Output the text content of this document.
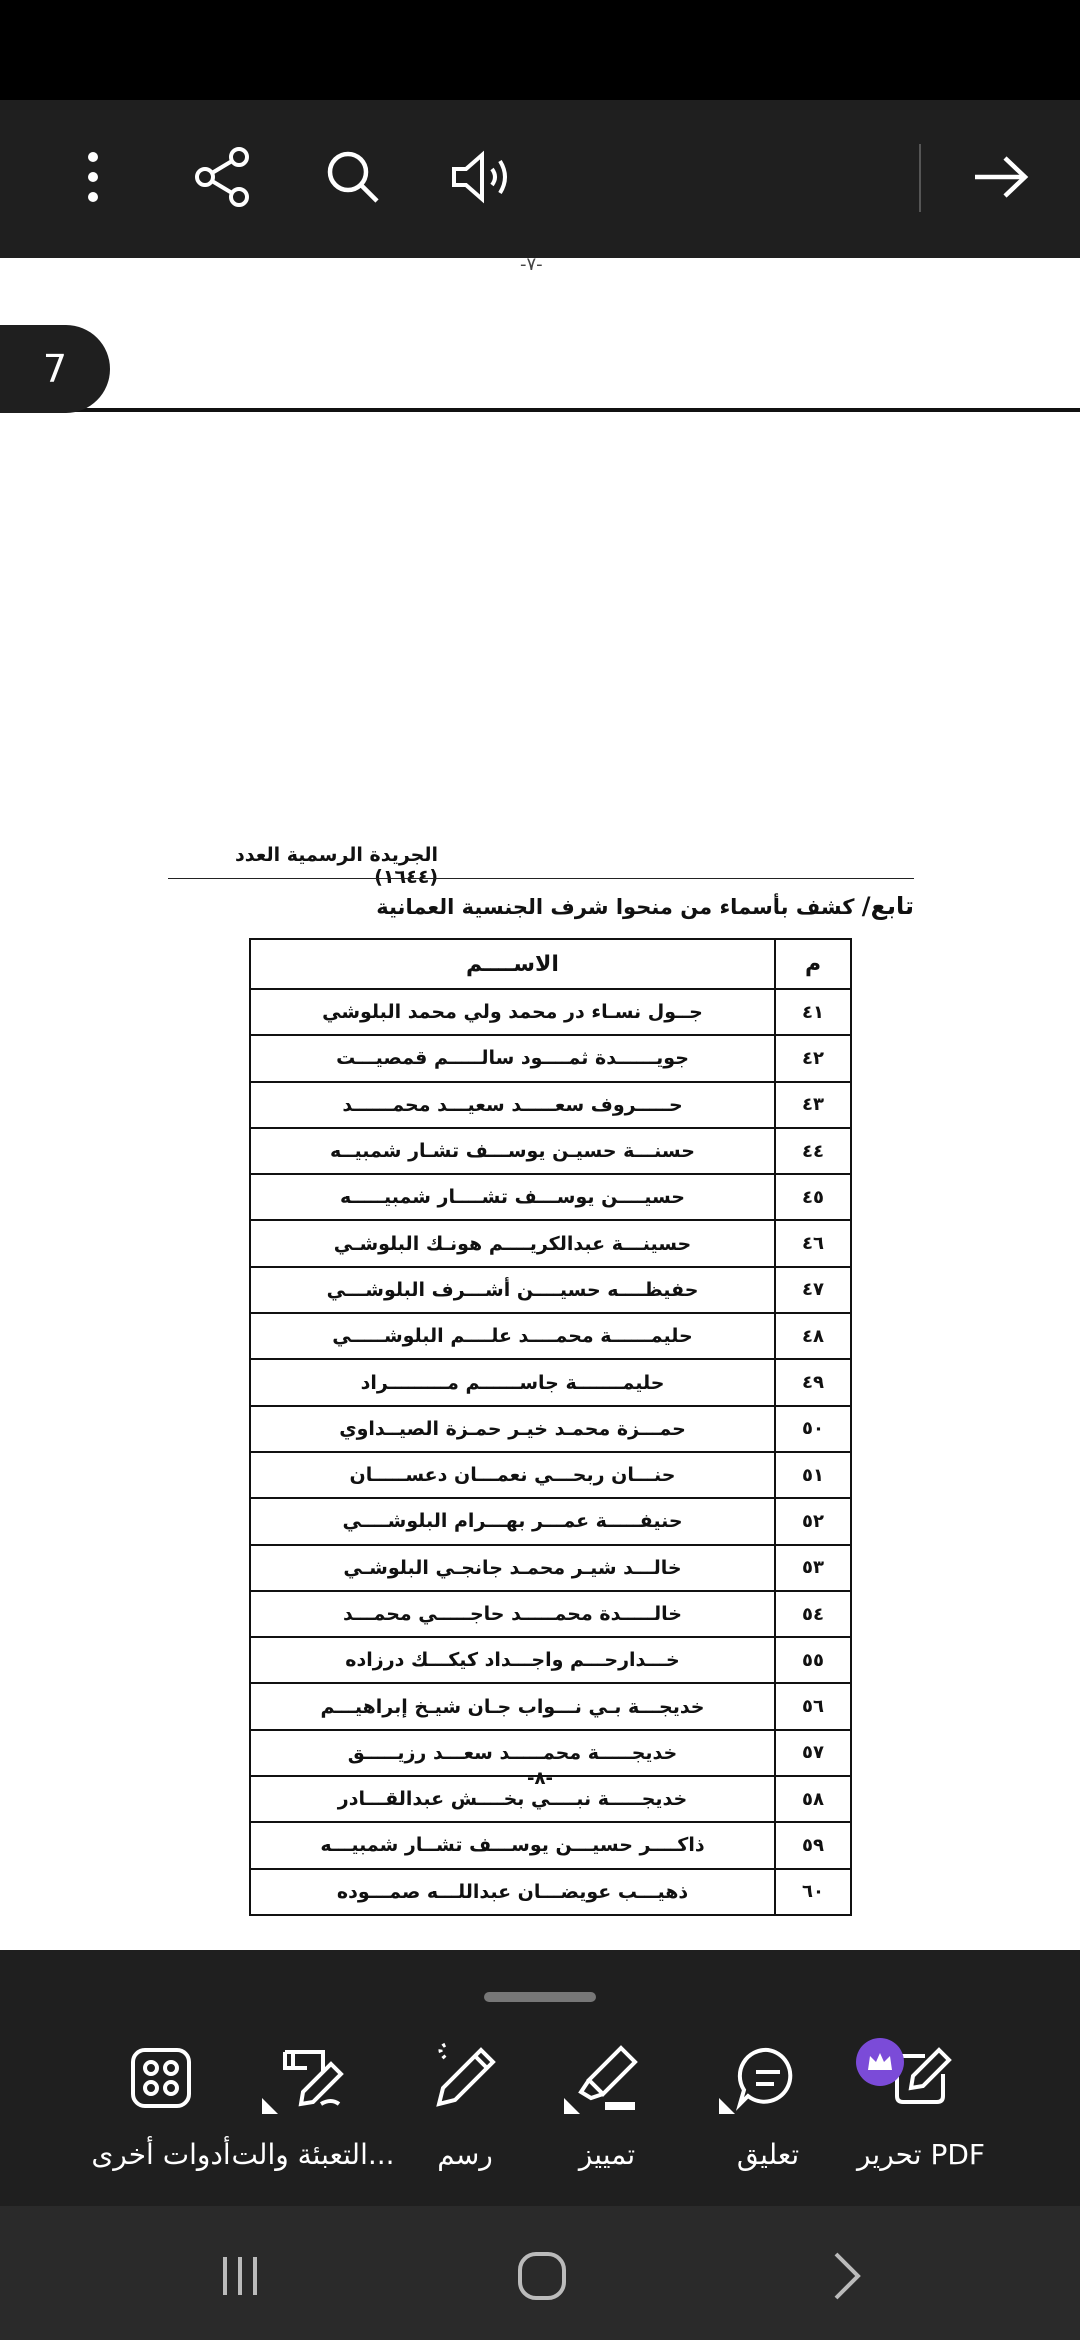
-٧-
الجريدة الرسمية العدد (١٦٤٤)
تابع/ كشف بأسماء من منحوا شرف الجنسية العمانية
م	الاســــم
٤١	جــول نسـاء در محمد ولي محمد البلوشي
٤٢	جويــــــدة ثمــــود سالـــــم قمصيـــت
٤٣	حـــــروف سعـــــد سعيـــد محمــــــد
٤٤	حسنـــة حسيـن يوســـف تشـار شمبيــه
٤٥	حسيــــن يوســـف تشــــار شمبيـــــه
٤٦	حسينـــة عبدالكريــــم هونـك البلوشـي
٤٧	حفيظــــه حسيــــن أشـــرف البلوشـــي
٤٨	حليمــــــة محمــــد علــــم البلوشـــــي
٤٩	حليمـــــــة جاســــــم مـــــــــراد
٥٠	حمـــزة محمـد خيـر حمـزة الصيــداوي
٥١	حنـــان ربحـــي نعمـــان دعســـــان
٥٢	حنيفـــــة عمـــر بهـــرام البلوشــــي
٥٣	خالـــد شيـر محمـد جانجـي البلوشـي
٥٤	خالـــــدة محمـــــد حاجـــــي محمـــد
٥٥	خـــدارحـــم واجـــداد كيكـــك درزاده
٥٦	خديجـــة بـي نـــواب جـان شيـخ إبراهيـــم
٥٧	خديجـــــة محمـــــد سعـــد رزيـــــق
٥٨	خديجـــــة نبــــي بخــــش عبدالقـــادر
٥٩	ذاكــــر حسيـــن يوســـف تشــار شمبيـــه
٦٠	ذهيـــب عويضـــان عبداللـــه صمـــوده
-٨-
7
تحرير PDF
تعليق
تمييز
رسم
التعبئة والت...
أدوات أخرى
